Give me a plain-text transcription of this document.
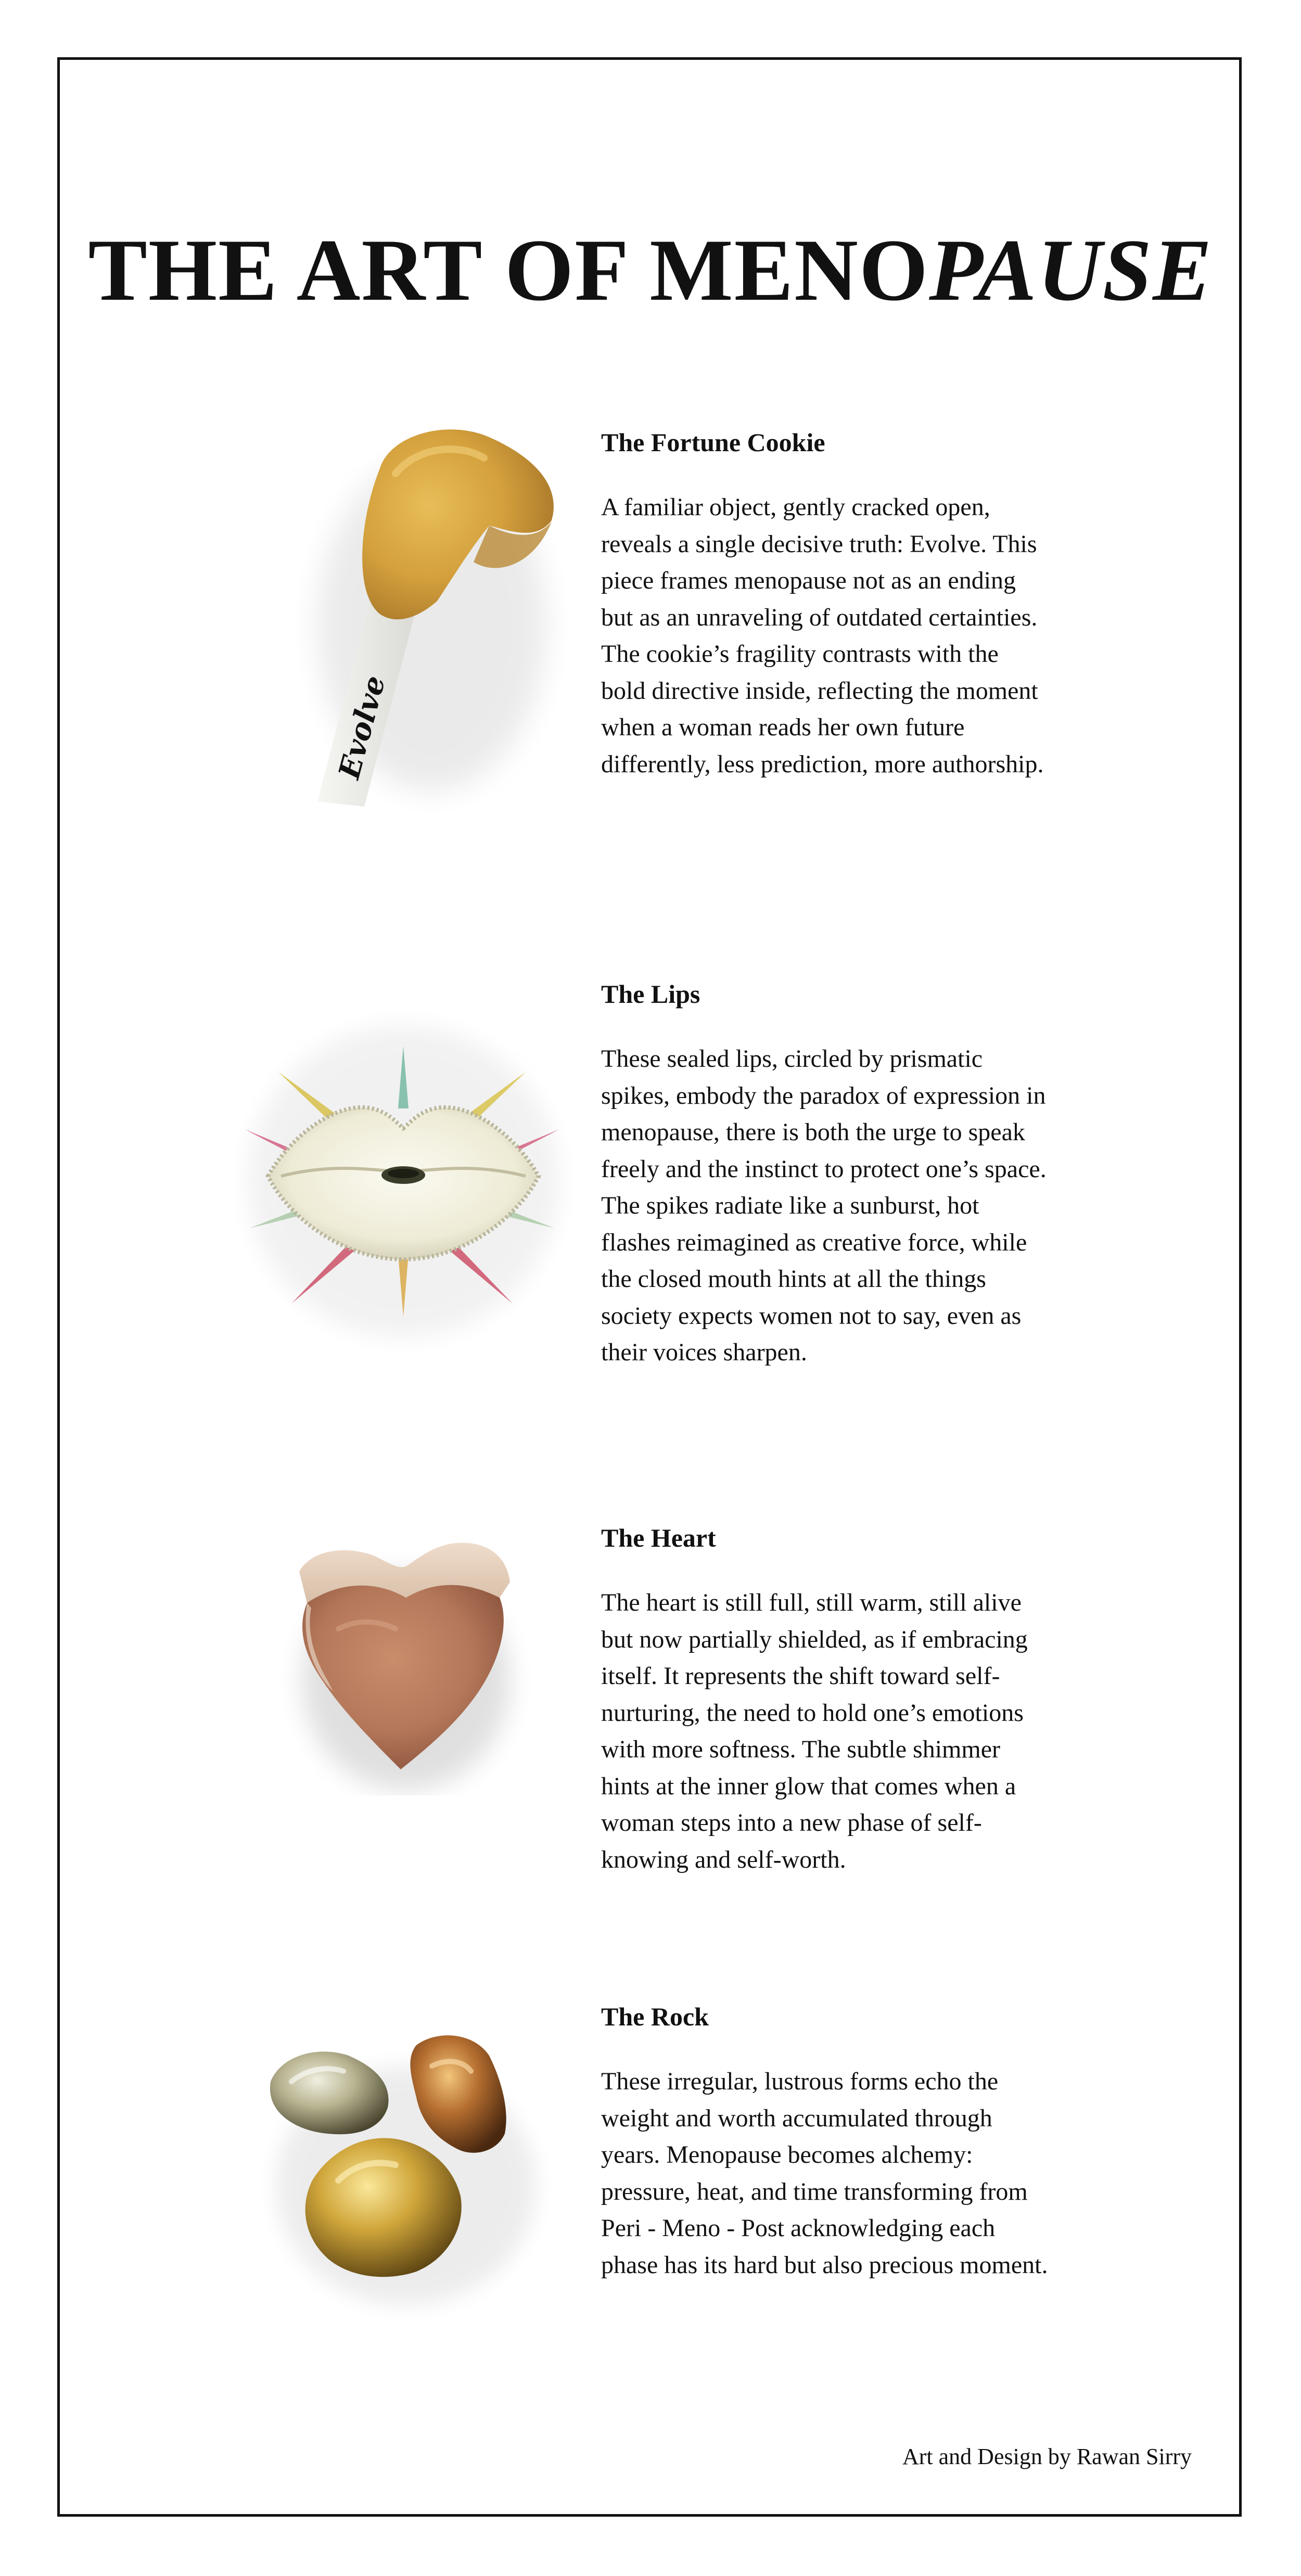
THE ART OF MENOPAUSE
Evolve
The Fortune Cookie

A familiar object, gently cracked open, reveals a single decisive truth: Evolve. This piece frames menopause not as an ending but as an unraveling of outdated certainties. The cookie’s fragility contrasts with the bold directive inside, reflecting the moment when a woman reads her own future differently, less prediction, more authorship.

The Lips

These sealed lips, circled by prismatic spikes, embody the paradox of expression in menopause, there is both the urge to speak freely and the instinct to protect one’s space. The spikes radiate like a sunburst, hot flashes reimagined as creative force, while the closed mouth hints at all the things society expects women not to say, even as their voices sharpen.

The Heart

The heart is still full, still warm, still alive but now partially shielded, as if embracing itself. It represents the shift toward self-nurturing, the need to hold one’s emotions with more softness. The subtle shimmer hints at the inner glow that comes when a woman steps into a new phase of self-knowing and self-worth.

The Rock

These irregular, lustrous forms echo the weight and worth accumulated through years. Menopause becomes alchemy: pressure, heat, and time transforming from Peri - Meno - Post acknowledging each phase has its hard but also precious moment.

Art and Design by Rawan Sirry
